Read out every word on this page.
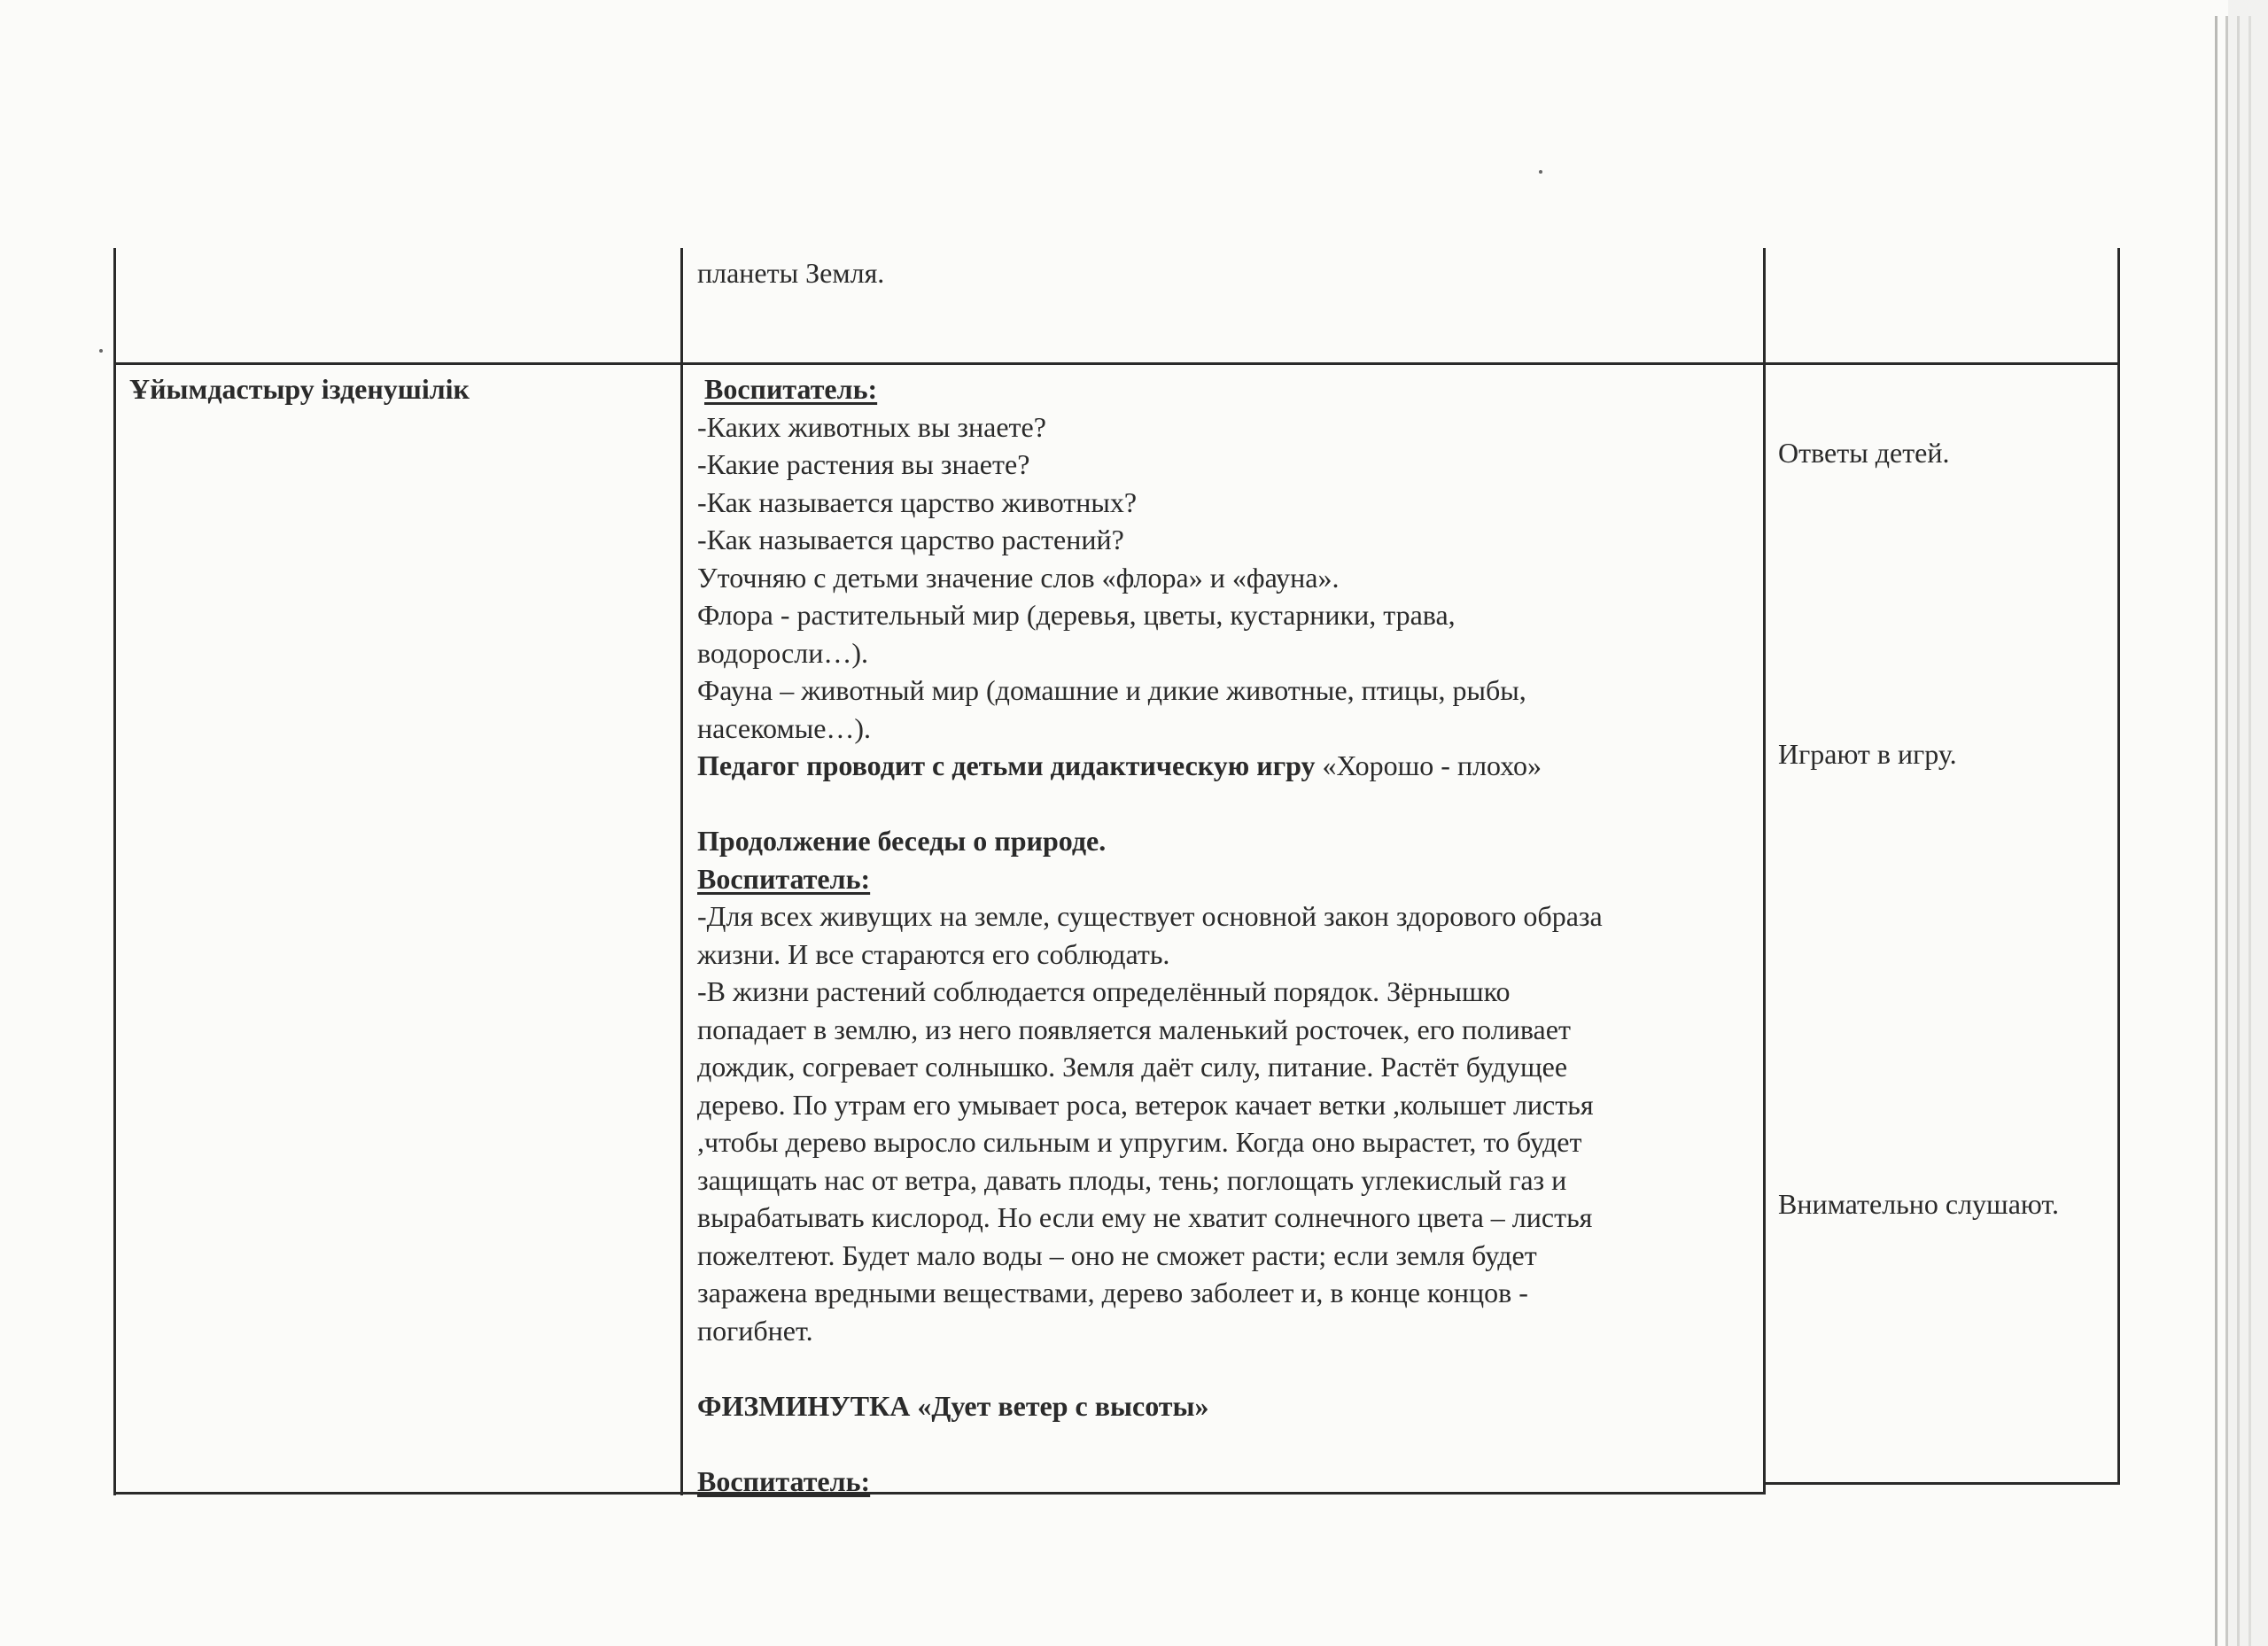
планеты Земля.
Ұйымдастыру ізденушілік	Воспитатель:
-Каких животных вы знаете?
-Какие растения вы знаете?
-Как называется царство животных?
-Как называется царство растений?
Уточняю с детьми значение слов «флора» и «фауна».
Флора - растительный мир (деревья, цветы, кустарники, трава,
водоросли…).
Фауна – животный мир (домашние и дикие животные, птицы, рыбы,
насекомые…).
Педагог проводит с детьми дидактическую игру «Хорошо - плохо»
Продолжение беседы о природе.
Воспитатель:
-Для всех живущих на земле, существует основной закон здорового образа
жизни. И все стараются его соблюдать.
-В жизни растений соблюдается определённый порядок. Зёрнышко
попадает в землю, из него появляется маленький росточек, его поливает
дождик, согревает солнышко. Земля даёт силу, питание. Растёт будущее
дерево. По утрам его умывает роса, ветерок качает ветки ,колышет листья
,чтобы дерево выросло сильным и упругим. Когда оно вырастет, то будет
защищать нас от ветра, давать плоды, тень; поглощать углекислый газ и
вырабатывать кислород. Но если ему не хватит солнечного цвета – листья
пожелтеют. Будет мало воды – оно не сможет расти; если земля будет
заражена вредными веществами, дерево заболеет и, в конце концов -
погибнет.
ФИЗМИНУТКА «Дует ветер с высоты»
Воспитатель:
Ответы детей.
Играют в игру.
Внимательно слушают.
